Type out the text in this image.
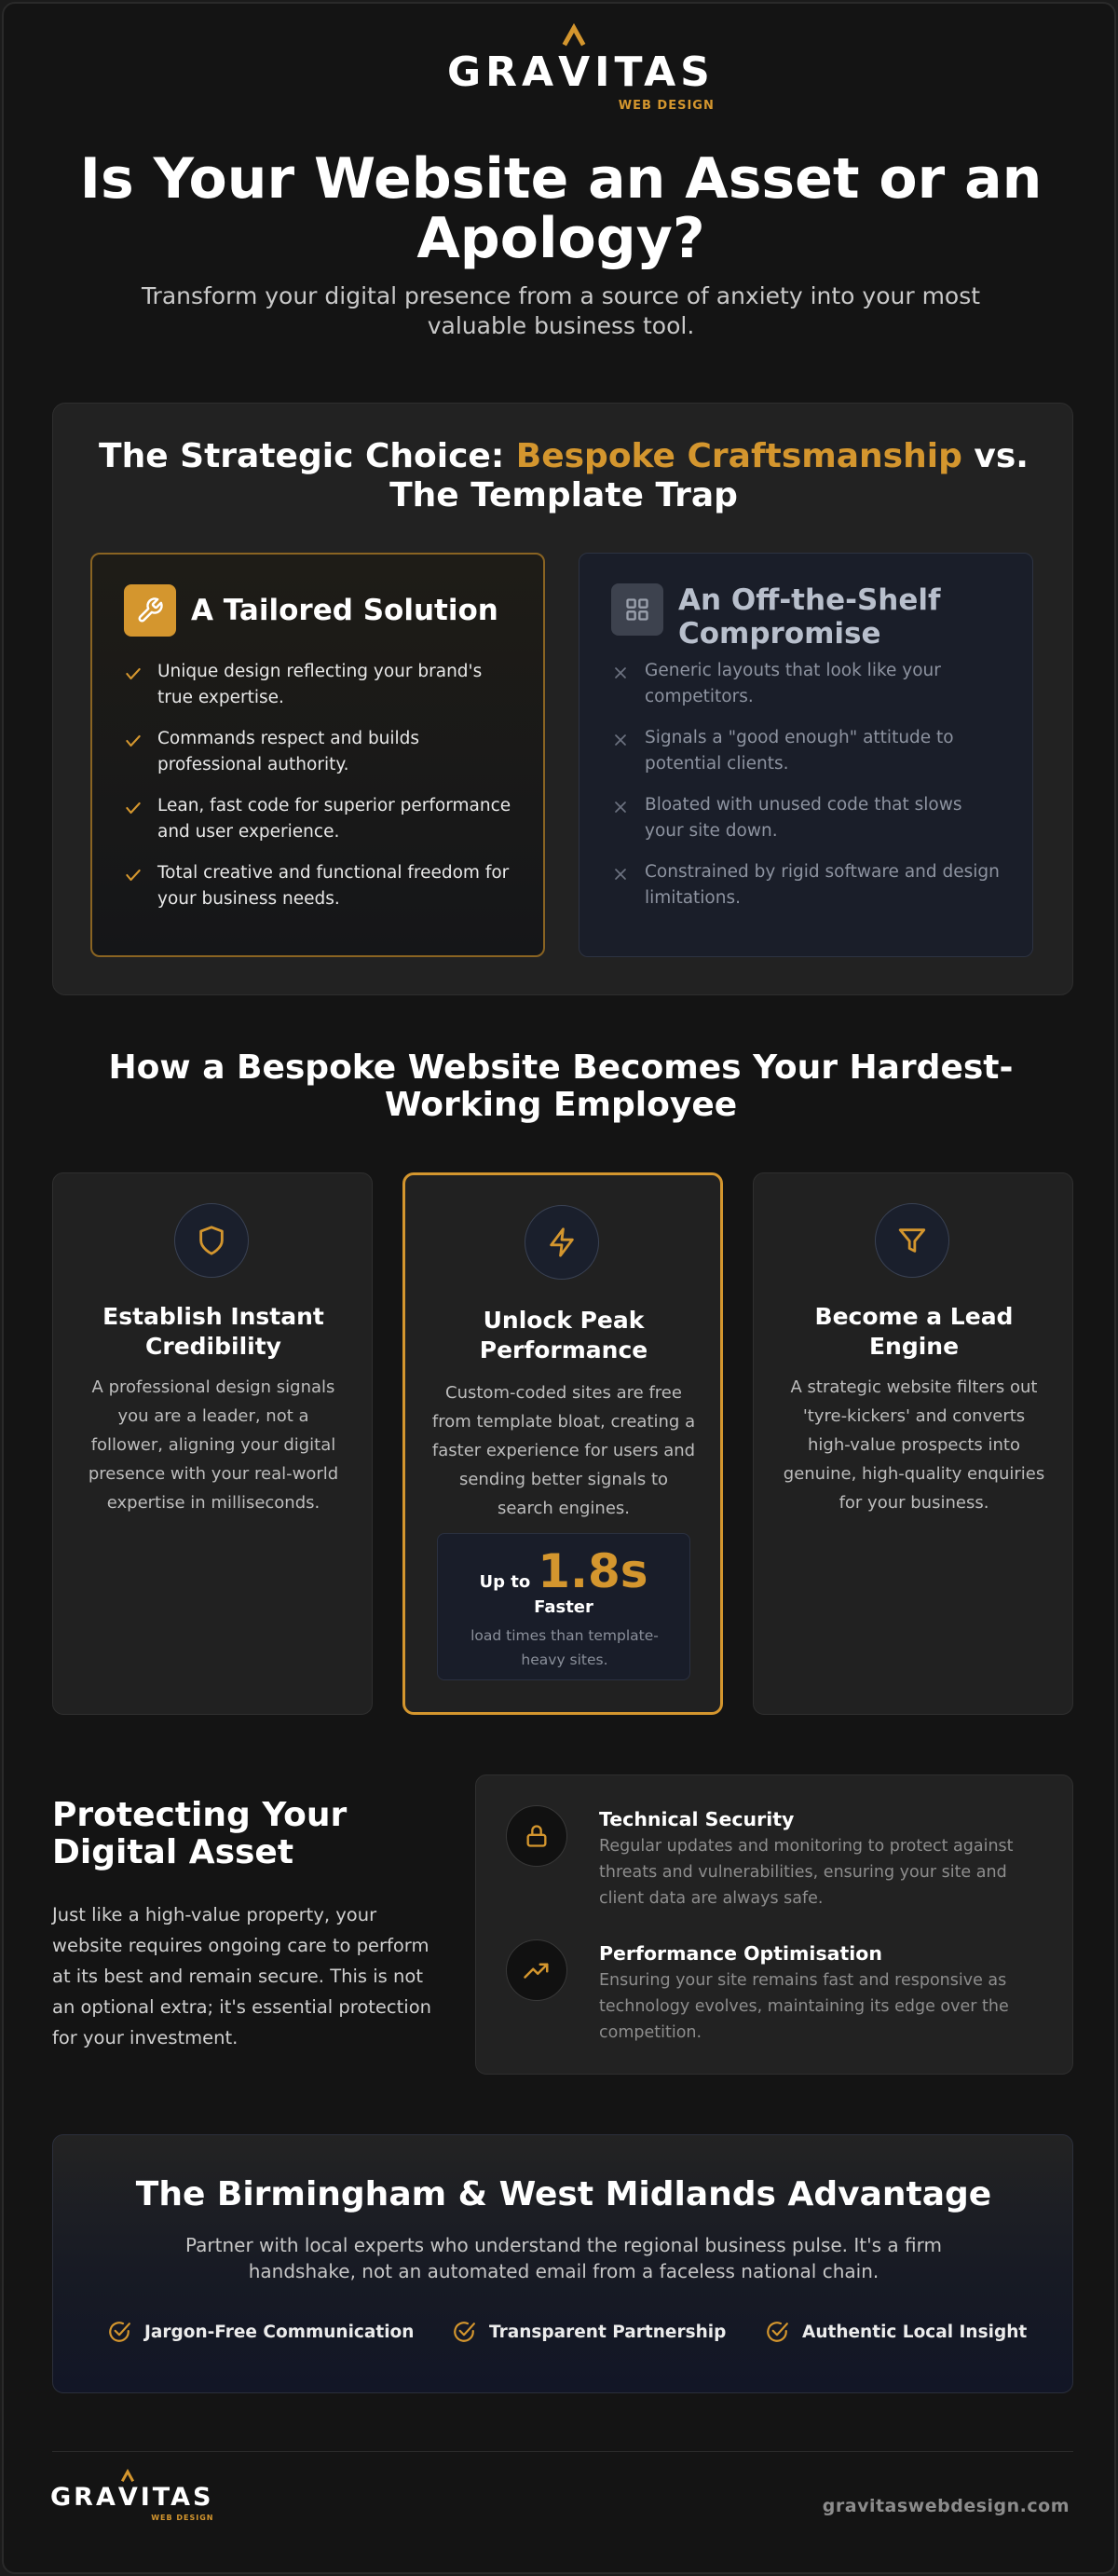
GRA V ITAS
WEB DESIGN
Is Your Website an Asset or an Apology?

Transform your digital presence from a source of anxiety into your most valuable business tool.

The Strategic Choice: Bespoke Craftsmanship vs. The Template Trap
A Tailored Solution
Unique design reflecting your brand's true expertise.
Commands respect and builds professional authority.
Lean, fast code for superior performance and user experience.
Total creative and functional freedom for your business needs.
An Off-the-Shelf Compromise
Generic layouts that look like your competitors.
Signals a "good enough" attitude to potential clients.
Bloated with unused code that slows your site down.
Constrained by rigid software and design limitations.
How a Bespoke Website Becomes Your Hardest-Working Employee
Establish Instant Credibility

A professional design signals you are a leader, not a follower, aligning your digital presence with your real-world expertise in milliseconds.

Unlock Peak Performance

Custom-coded sites are free from template bloat, creating a faster experience for users and sending better signals to search engines.

Up to 1.8s
Faster
load times than template-heavy sites.
Become a Lead Engine

A strategic website filters out 'tyre-kickers' and converts high-value prospects into genuine, high-quality enquiries for your business.

Protecting Your Digital Asset

Just like a high-value property, your website requires ongoing care to perform at its best and remain secure. This is not an optional extra; it's essential protection for your investment.

Technical Security

Regular updates and monitoring to protect against threats and vulnerabilities, ensuring your site and client data are always safe.

Performance Optimisation

Ensuring your site remains fast and responsive as technology evolves, maintaining its edge over the competition.

The Birmingham & West Midlands Advantage

Partner with local experts who understand the regional business pulse. It's a firm handshake, not an automated email from a faceless national chain.

Jargon-Free Communication	Transparent Partnership	Authentic Local Insight
GRA V ITAS
WEB DESIGN
gravitaswebdesign.com
